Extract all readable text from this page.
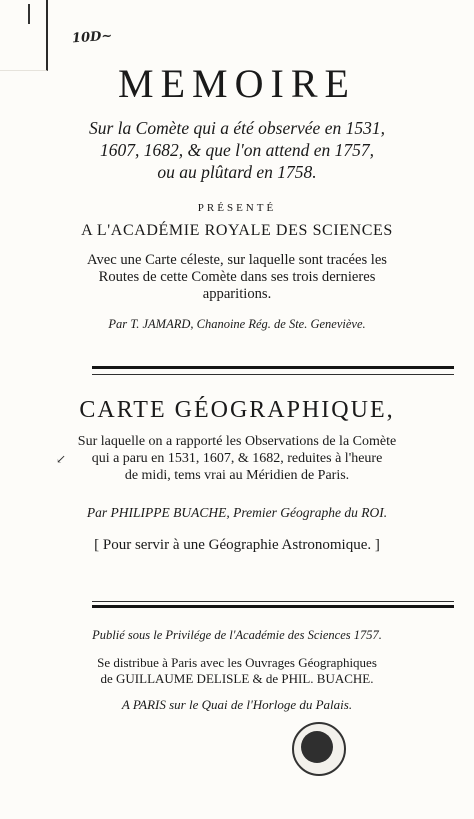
10D~
MEMOIRE
Sur la Comète qui a été observée en 1531,
1607, 1682, & que l'on attend en 1757,
ou au plûtard en 1758.
PRÉSENTÉ
A L'ACADÉMIE ROYALE DES SCIENCES
Avec une Carte céleste, sur laquelle sont tracées les
Routes de cette Comète dans ses trois dernieres
apparitions.
Par T. JAMARD, Chanoine Rég. de Ste. Geneviève.
CARTE GÉOGRAPHIQUE,
Sur laquelle on a rapporté les Observations de la Comète
qui a paru en 1531, 1607, & 1682, reduites à l'heure
de midi, tems vrai au Méridien de Paris.
Par PHILIPPE BUACHE, Premier Géographe du ROI.
[ Pour servir à une Géographie Astronomique. ]
Publié sous le Privilége de l'Académie des Sciences 1757.
Se distribue à Paris avec les Ouvrages Géographiques
de GUILLAUME DELISLE & de PHIL. BUACHE.
A PARIS sur le Quai de l'Horloge du Palais.
↙
